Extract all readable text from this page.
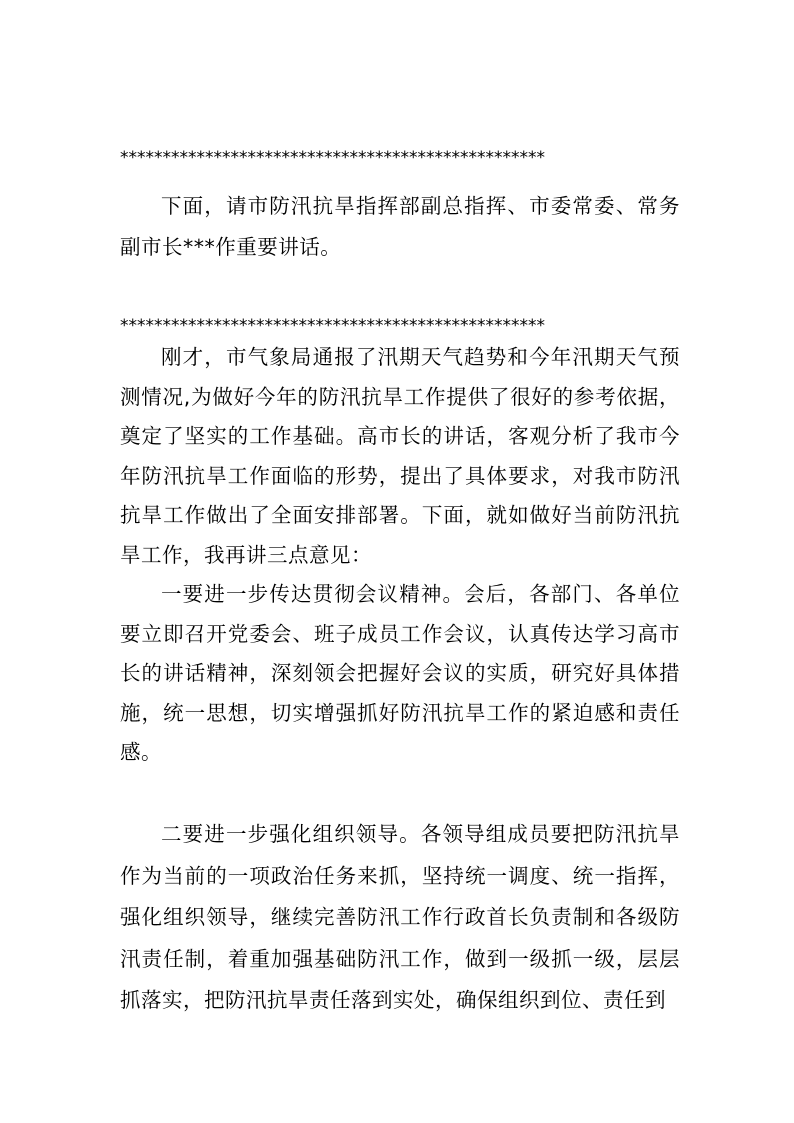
**************************************************

下面，请市防汛抗旱指挥部副总指挥、市委常委、常务副市长***作重要讲话。

**************************************************

刚才，市气象局通报了汛期天气趋势和今年汛期天气预测情况,为做好今年的防汛抗旱工作提供了很好的参考依据，奠定了坚实的工作基础。高市长的讲话，客观分析了我市今年防汛抗旱工作面临的形势，提出了具体要求，对我市防汛抗旱工作做出了全面安排部署。下面，就如做好当前防汛抗旱工作，我再讲三点意见：

一要进一步传达贯彻会议精神。会后，各部门、各单位要立即召开党委会、班子成员工作会议，认真传达学习高市长的讲话精神，深刻领会把握好会议的实质，研究好具体措施，统一思想，切实增强抓好防汛抗旱工作的紧迫感和责任感。

二要进一步强化组织领导。各领导组成员要把防汛抗旱作为当前的一项政治任务来抓，坚持统一调度、统一指挥，强化组织领导，继续完善防汛工作行政首长负责制和各级防汛责任制，着重加强基础防汛工作，做到一级抓一级，层层抓落实，把防汛抗旱责任落到实处，确保组织到位、责任到
